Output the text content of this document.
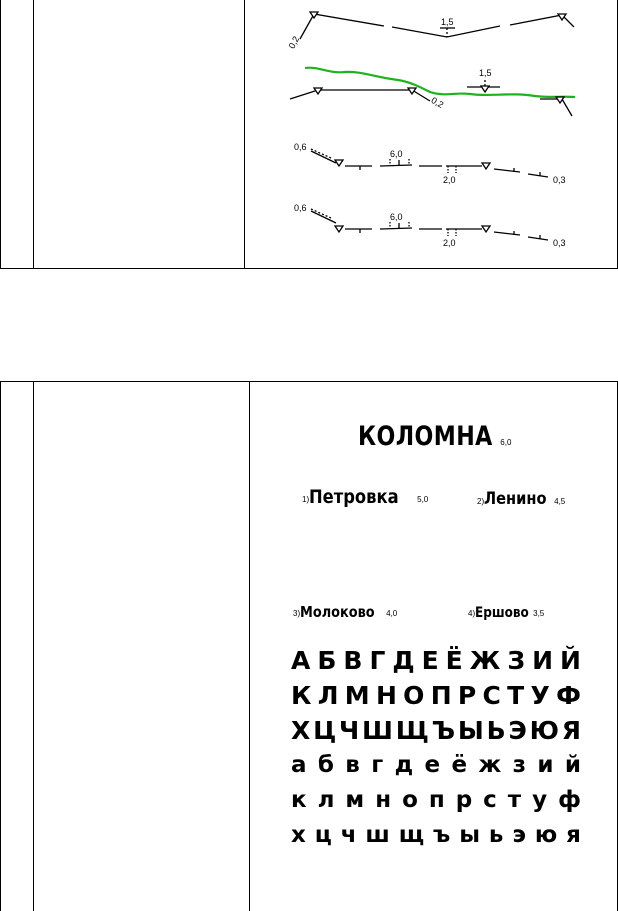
0,2
1,5
1,5
0,2
0,6
6,0
2,0	0,3
0,6
6,0
2,0	0,3
КОЛОМНА 6,0
1) Петровка	5,0	2) Ленино 4,5
3) Молоково 4,0	4) Ершово 3,5
А Б В Г Д Е Ё Ж З И Й
К Л М Н О П Р С Т У Ф
Х Ц Ч Ш Щ Ъ Ы Ь Э Ю Я
а б в г д е ё ж з и й
к л м н о п р с т у ф
х ц ч ш щ ъ ы ь э ю я
